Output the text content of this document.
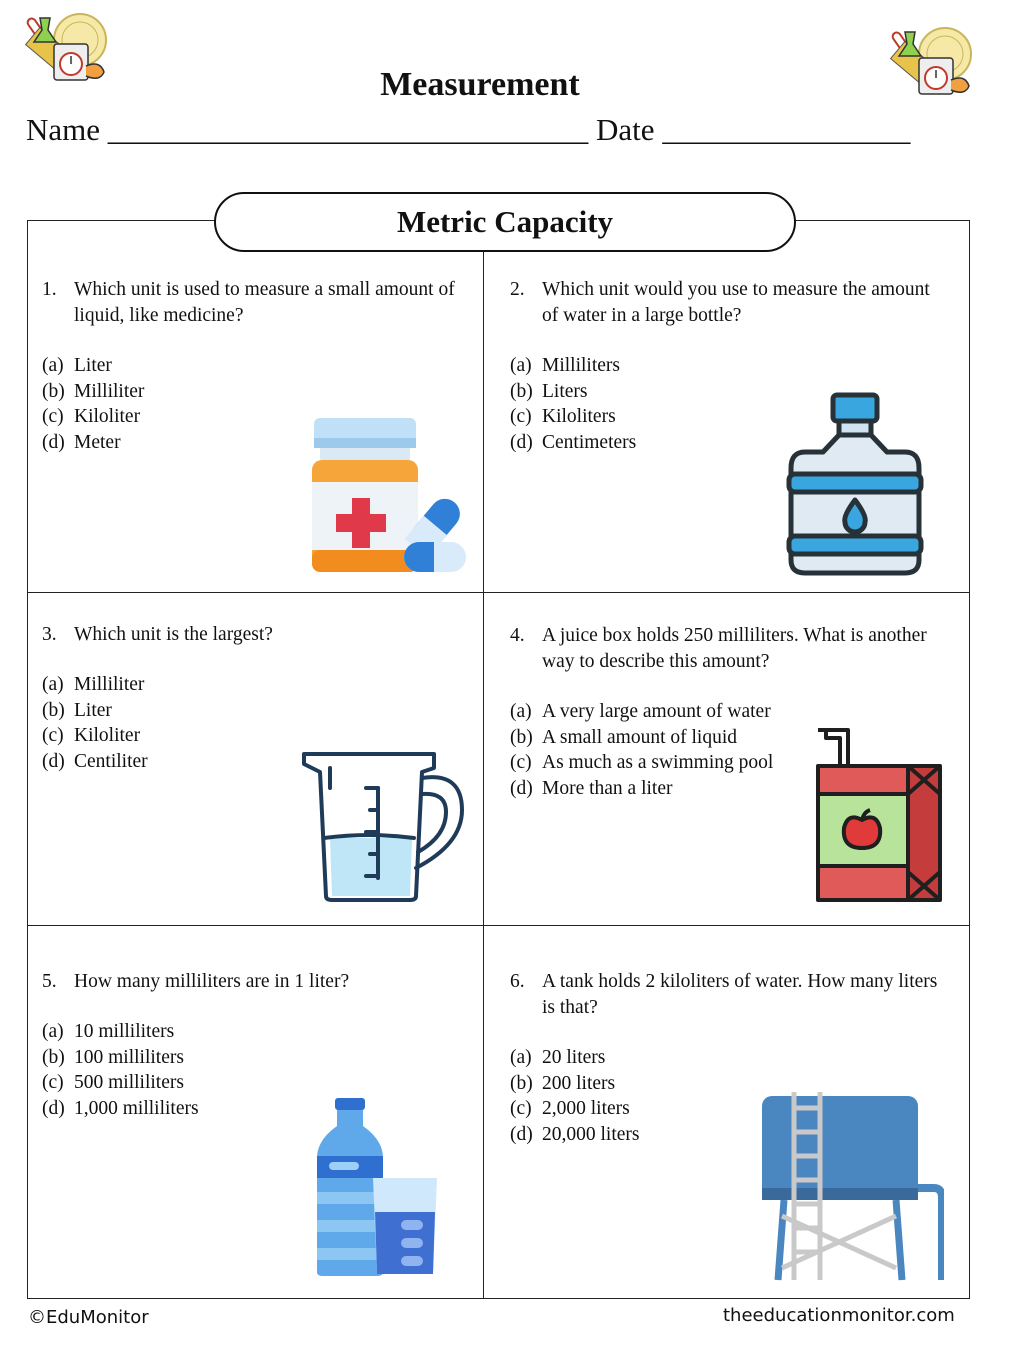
Measurement
Name _______________________________ Date ________________
Metric Capacity
1. Which unit is used to measure a small amount of liquid, like medicine?
(a) Liter
(b) Milliliter
(c) Kiloliter
(d) Meter
2. Which unit would you use to measure the amount of water in a large bottle?
(a) Milliliters
(b) Liters
(c) Kiloliters
(d) Centimeters
3. Which unit is the largest?
(a) Milliliter
(b) Liter
(c) Kiloliter
(d) Centiliter
4. A juice box holds 250 milliliters. What is another way to describe this amount?
(a) A very large amount of water
(b) A small amount of liquid
(c) As much as a swimming pool
(d) More than a liter
5. How many milliliters are in 1 liter?
(a) 10 milliliters
(b) 100 milliliters
(c) 500 milliliters
(d) 1,000 milliliters
6. A tank holds 2 kiloliters of water. How many liters is that?
(a) 20 liters
(b) 200 liters
(c) 2,000 liters
(d) 20,000 liters
©EduMonitor	theeducationmonitor.com
